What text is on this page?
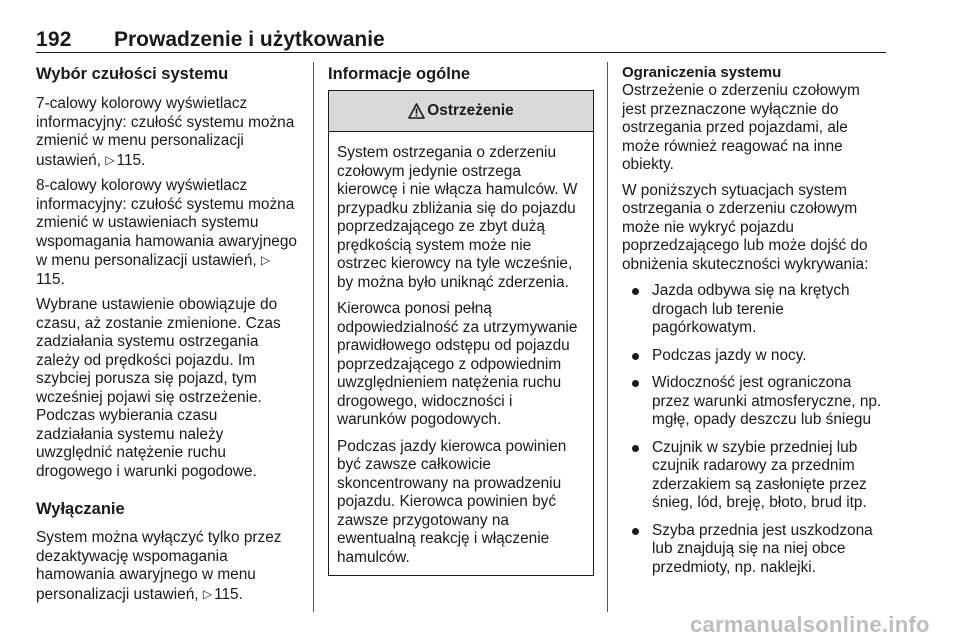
192 Prowadzenie i użytkowanie
Wybór czułości systemu

7-calowy kolorowy wyświetlacz informacyjny: czułość systemu można zmienić w menu personalizacji ustawień, ▷ 115.

8-calowy kolorowy wyświetlacz informacyjny: czułość systemu można zmienić w ustawieniach systemu wspomagania hamowania awaryjnego w menu personalizacji ustawień, ▷115.

Wybrane ustawienie obowiązuje do czasu, aż zostanie zmienione. Czas zadziałania systemu ostrzegania zależy od prędkości pojazdu. Im szybciej porusza się pojazd, tym wcześniej pojawi się ostrzeżenie. Podczas wybierania czasu zadziałania systemu należy uwzględnić natężenie ruchu drogowego i warunki pogodowe.

Wyłączanie

System można wyłączyć tylko przez dezaktywację wspomagania hamowania awaryjnego w menu personalizacji ustawień, ▷ 115.

Informacje ogólne
Ostrzeżenie

System ostrzegania o zderzeniu czołowym jedynie ostrzega kierowcę i nie włącza hamulców. W przypadku zbliżania się do pojazdu poprzedzającego ze zbyt dużą prędkością system może nie ostrzec kierowcy na tyle wcześnie, by można było uniknąć zderzenia.

Kierowca ponosi pełną odpowiedzialność za utrzymywanie prawidłowego odstępu od pojazdu poprzedzającego z odpowiednim uwzględnieniem natężenia ruchu drogowego, widoczności i warunków pogodowych.

Podczas jazdy kierowca powinien być zawsze całkowicie skoncentrowany na prowadzeniu pojazdu. Kierowca powinien być zawsze przygotowany na ewentualną reakcję i włączenie hamulców.

Ograniczenia systemu

Ostrzeżenie o zderzeniu czołowym jest przeznaczone wyłącznie do ostrzegania przed pojazdami, ale może również reagować na inne obiekty.

W poniższych sytuacjach system ostrzegania o zderzeniu czołowym może nie wykryć pojazdu poprzedzającego lub może dojść do obniżenia skuteczności wykrywania:

Jazda odbywa się na krętych drogach lub terenie pagórkowatym.
Podczas jazdy w nocy.
Widoczność jest ograniczona przez warunki atmosferyczne, np. mgłę, opady deszczu lub śniegu
Czujnik w szybie przedniej lub czujnik radarowy za przednim zderzakiem są zasłonięte przez śnieg, lód, breję, błoto, brud itp.
Szyba przednia jest uszkodzona lub znajdują się na niej obce przedmioty, np. naklejki.
carmanualsonline.info
